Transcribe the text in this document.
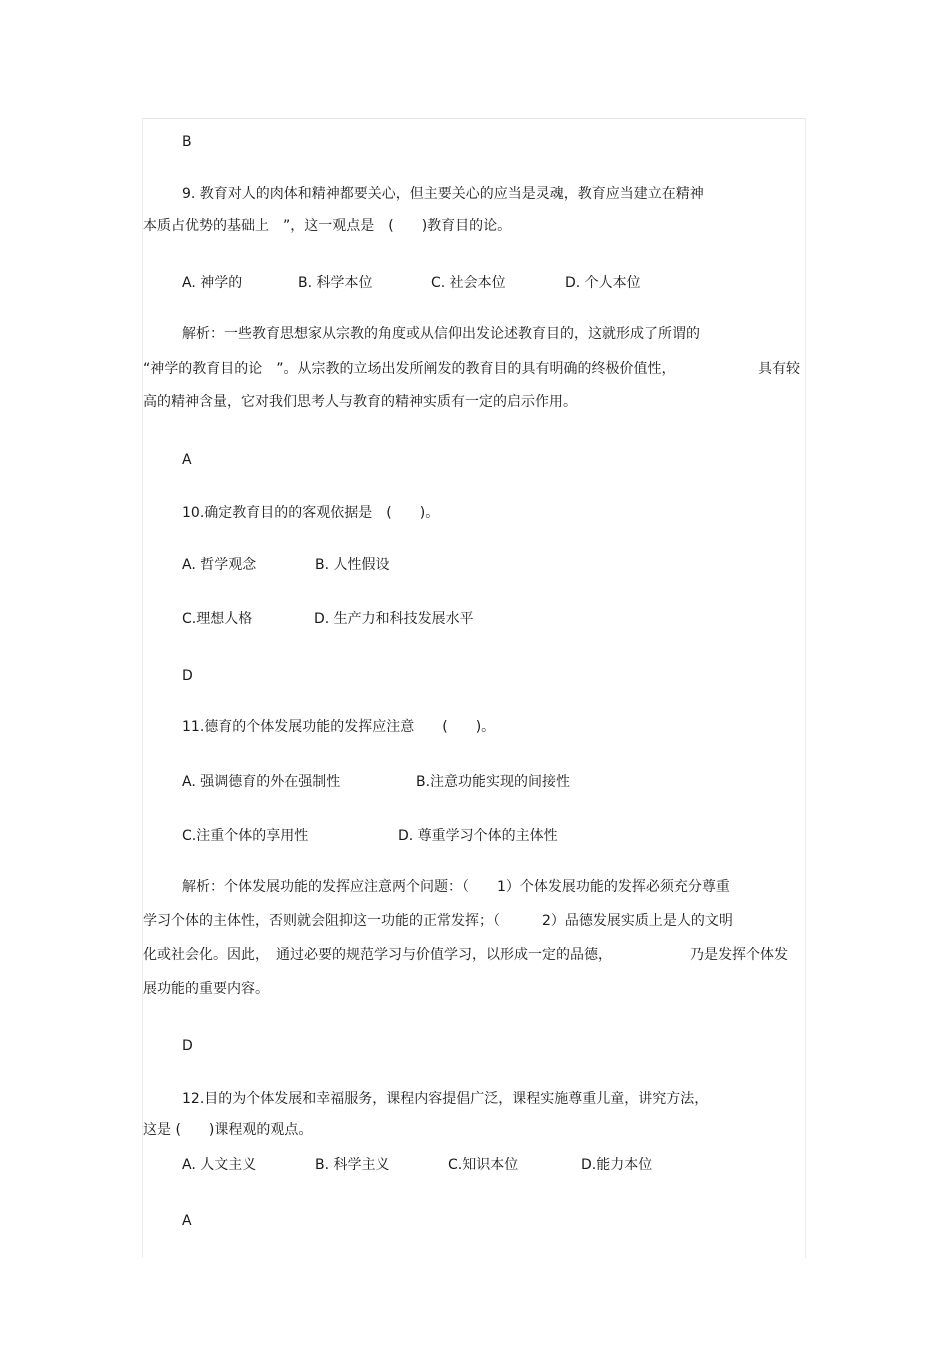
B

9. 教育对人的肉体和精神都要关心，但主要关心的应当是灵魂，教育应当建立在精神

本质占优势的基础上　”，这一观点是　(　　)教育目的论。

A. 神学的	B. 科学本位	C. 社会本位	D. 个人本位

解析：一些教育思想家从宗教的角度或从信仰出发论述教育目的，这就形成了所谓的

“神学的教育目的论　”。从宗教的立场出发所阐发的教育目的具有明确的终极价值性，	具有较

高的精神含量，它对我们思考人与教育的精神实质有一定的启示作用。

A

10.确定教育目的的客观依据是　(　　)。

A. 哲学观念	B. 人性假设

C.理想人格	D. 生产力和科技发展水平

D

11.德育的个体发展功能的发挥应注意　　(　　)。

A. 强调德育的外在强制性	B.注意功能实现的间接性

C.注重个体的享用性	D. 尊重学习个体的主体性

解析：个体发展功能的发挥应注意两个问题：（　　1）个体发展功能的发挥必须充分尊重

学习个体的主体性，否则就会阻抑这一功能的正常发挥；（　　　2）品德发展实质上是人的文明

化或社会化。因此，　通过必要的规范学习与价值学习，以形成一定的品德，	乃是发挥个体发

展功能的重要内容。

D

12.目的为个体发展和幸福服务，课程内容提倡广泛，课程实施尊重儿童，讲究方法，

这是 (　　)课程观的观点。

A. 人文主义	B. 科学主义	C.知识本位	D.能力本位

A
